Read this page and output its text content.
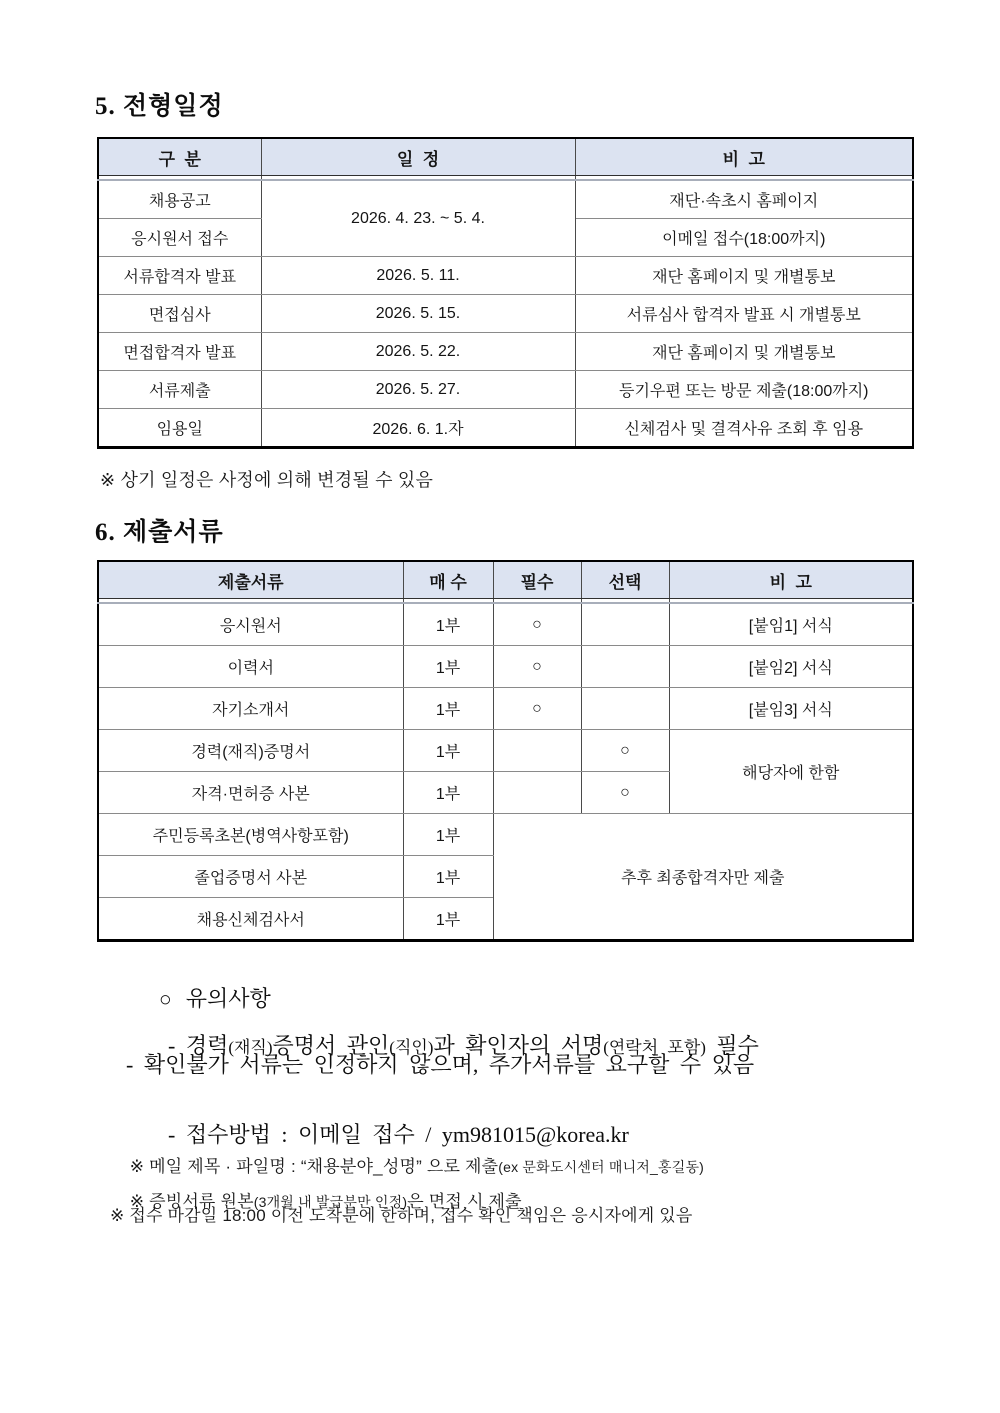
5. 전형일정
구  분	일  정	비  고

채용공고	2026. 4. 23. ~ 5. 4.	재단·속초시 홈페이지
응시원서 접수		이메일 접수(18:00까지)
서류합격자 발표	2026. 5. 11.	재단 홈페이지 및 개별통보
면접심사	2026. 5. 15.	서류심사 합격자 발표 시 개별통보
면접합격자 발표	2026. 5. 22.	재단 홈페이지 및 개별통보
서류제출	2026. 5. 27.	등기우편 또는 방문 제출(18:00까지)
임용일	2026. 6. 1.자	신체검사 및 결격사유 조회 후 임용
※ 상기 일정은 사정에 의해 변경될 수 있음
6. 제출서류
제출서류	매 수	필수	선택	비  고

응시원서	1부	○		[붙임1] 서식
이력서	1부	○		[붙임2] 서식
자기소개서	1부	○		[붙임3] 서식
경력(재직)증명서	1부		○	해당자에 한함
자격·면허증 사본	1부		○	
주민등록초본(병역사항포함)	1부	추후 최종합격자만 제출		
졸업증명서 사본	1부			
채용신체검사서	1부			

○ 유의사항

- 경력(재직)증명서 관인(직인)과 확인자의 서명(연락처 포함) 필수

- 확인불가 서류는 인정하지 않으며, 추가서류를 요구할 수 있음

- 접수방법 : 이메일 접수 / ym981015@korea.kr

※ 메일 제목 · 파일명 : “채용분야_성명” 으로 제출(ex 문화도시센터 매니저_홍길동)

※ 증빙서류 원본(3개월 내 발급분만 인정)은 면접 시 제출

※ 접수 마감일 18:00 이전 도착분에 한하며, 접수 확인 책임은 응시자에게 있음
